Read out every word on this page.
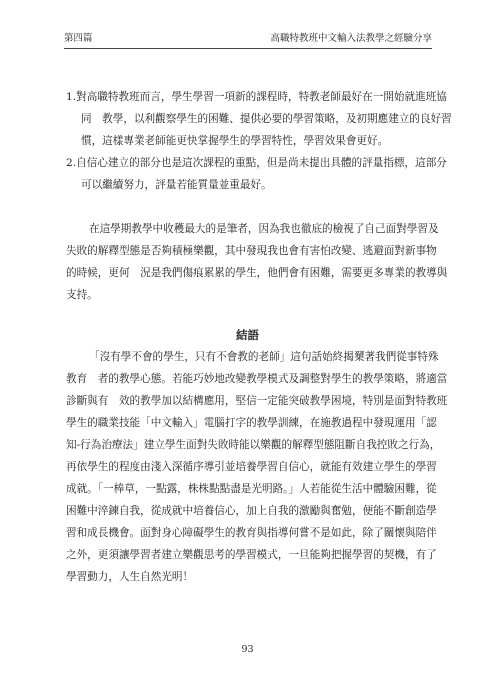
第四篇	高職特教班中文輸入法教學之經驗分享
1.對高職特教班而言，學生學習一項新的課程時，特教老師最好在一開始就進班協
同　教學，以利觀察學生的困難、提供必要的學習策略，及初期應建立的良好習
慣，這樣專業老師能更快掌握學生的學習特性，學習效果會更好。
2.自信心建立的部分也是這次課程的重點，但是尚未提出具體的評量指標，這部分
可以繼續努力，評量若能質量並重最好。
在這學期教學中收穫最大的是筆者，因為我也徹底的檢視了自己面對學習及
失敗的解釋型態是否夠積極樂觀，其中發現我也會有害怕改變、逃避面對新事物
的時候，更何　況是我們傷痕累累的學生，他們會有困難，需要更多專業的教導與
支持。
結語
「沒有學不會的學生，只有不會教的老師」這句話始終揭櫫著我們從事特殊
教育　者的教學心態。若能巧妙地改變教學模式及調整對學生的教學策略，將適當
診斷與有　效的教學加以結構應用，堅信一定能突破教學困境，特別是面對特教班
學生的職業技能「中文輸入」電腦打字的教學訓練，在施教過程中發現運用「認
知-行為治療法」建立學生面對失敗時能以樂觀的解釋型態阻斷自我控敗之行為，
再依學生的程度由淺入深循序導引並培養學習自信心，就能有效建立學生的學習
成就。「一棒草，一點露，株株點點盡是光明路。」人若能從生活中體驗困難，從
困難中淬鍊自我，從成就中培養信心，加上自我的激勵與奮勉，便能不斷創造學
習和成長機會。面對身心障礙學生的教育與指導何嘗不是如此，除了關懷與陪伴
之外，更須讓學習者建立樂觀思考的學習模式，一旦能夠把握學習的契機，有了
學習動力，人生自然光明！
93
